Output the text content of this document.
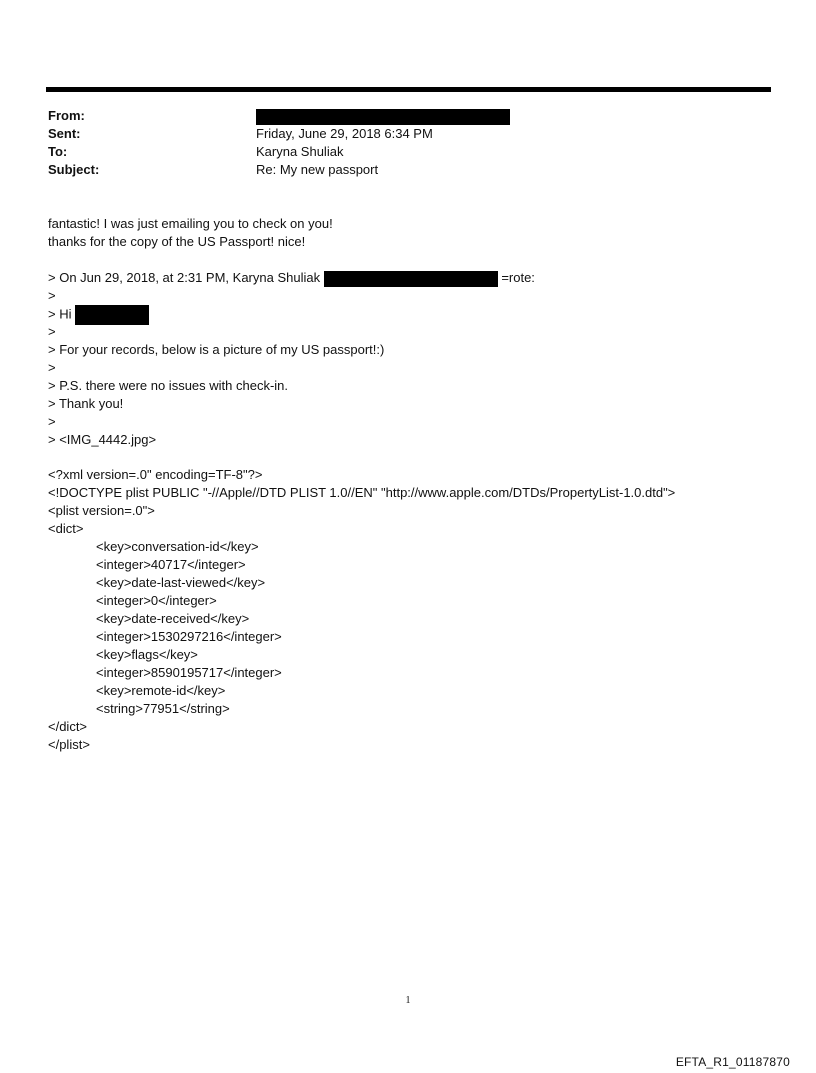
From:
Sent:	Friday, June 29, 2018 6:34 PM
To:	Karyna Shuliak
Subject:	Re: My new passport
fantastic! I was just emailing you to check on you!
thanks for the copy of the US Passport! nice!
> On Jun 29, 2018, at 2:31 PM, Karyna Shuliak	=rote:
>
> Hi
>
> For your records, below is a picture of my US passport!:)
>
> P.S. there were no issues with check-in.
> Thank you!
>
> <IMG_4442.jpg>
<?xml version=.0" encoding=TF-8"?>
<!DOCTYPE plist PUBLIC "-//Apple//DTD PLIST 1.0//EN" "http://www.apple.com/DTDs/PropertyList-1.0.dtd">
<plist version=.0">
<dict>
<key>conversation-id</key>
<integer>40717</integer>
<key>date-last-viewed</key>
<integer>0</integer>
<key>date-received</key>
<integer>1530297216</integer>
<key>flags</key>
<integer>8590195717</integer>
<key>remote-id</key>
<string>77951</string>
</dict>
</plist>
1
EFTA_R1_01187870
